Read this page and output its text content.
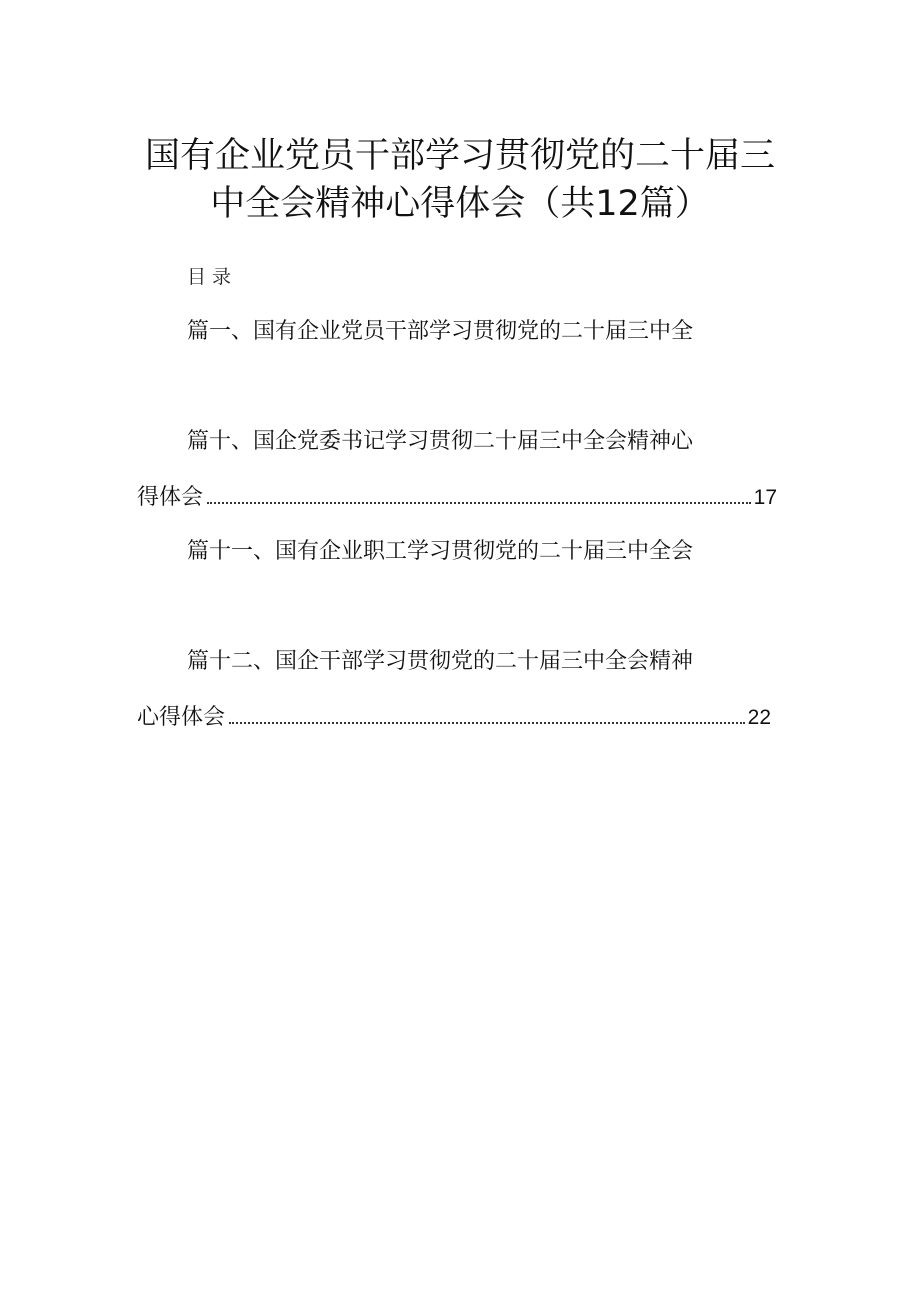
国有企业党员干部学习贯彻党的二十届三
中全会精神心得体会（共12篇）
目录
篇一、国有企业党员干部学习贯彻党的二十届三中全
篇十、国企党委书记学习贯彻二十届三中全会精神心
得体会	17
篇十一、国有企业职工学习贯彻党的二十届三中全会
篇十二、国企干部学习贯彻党的二十届三中全会精神
心得体会	22
